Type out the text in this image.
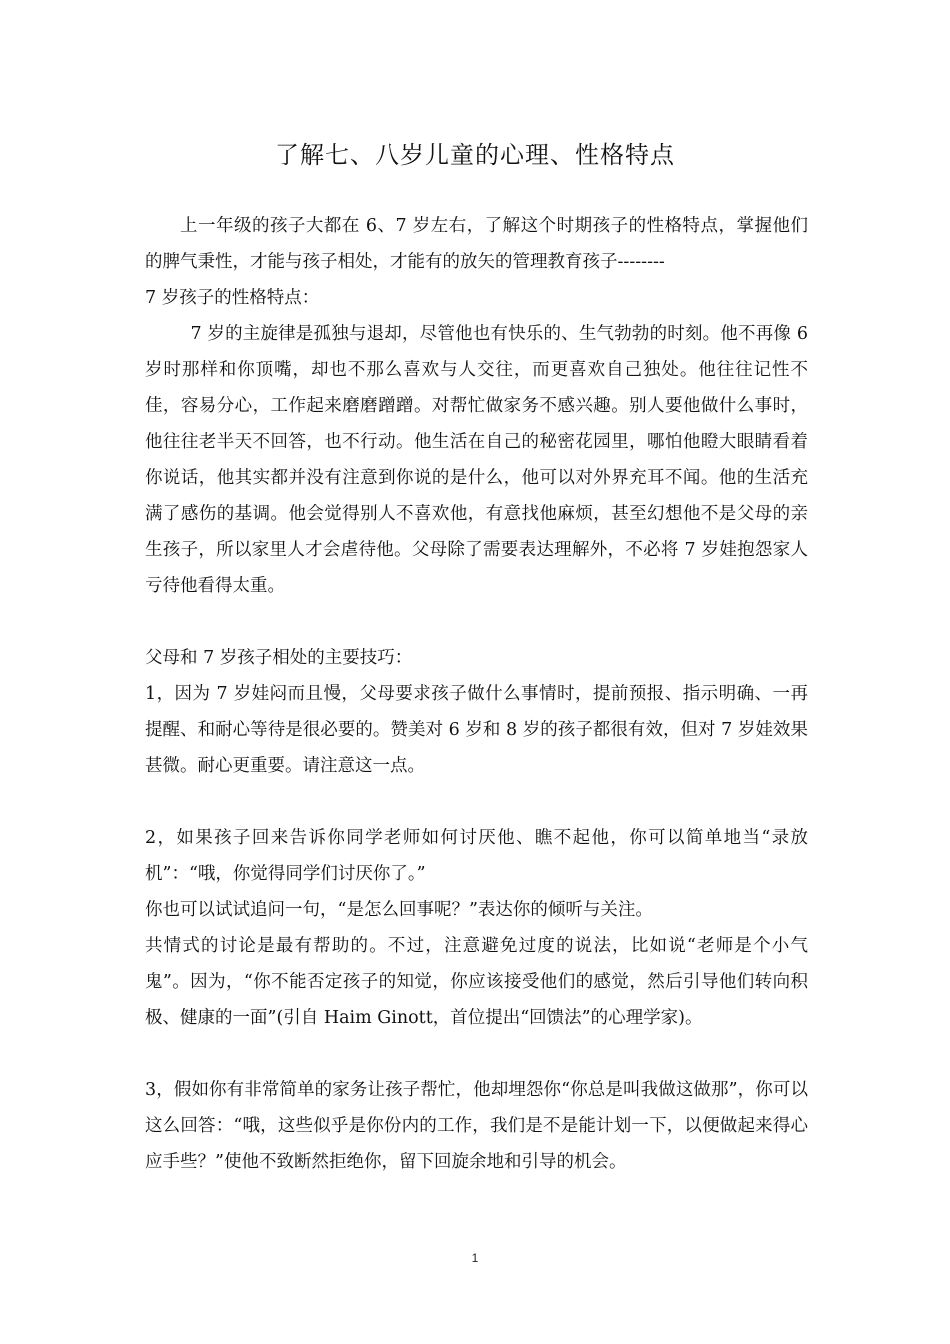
了解七、八岁儿童的心理、性格特点

上一年级的孩子大都在 6、7 岁左右，了解这个时期孩子的性格特点，掌握他们的脾气秉性，才能与孩子相处，才能有的放矢的管理教育孩子--------

7 岁孩子的性格特点：

7 岁的主旋律是孤独与退却，尽管他也有快乐的、生气勃勃的时刻。他不再像 6 岁时那样和你顶嘴，却也不那么喜欢与人交往，而更喜欢自己独处。他往往记性不佳，容易分心，工作起来磨磨蹭蹭。对帮忙做家务不感兴趣。别人要他做什么事时，他往往老半天不回答，也不行动。他生活在自己的秘密花园里，哪怕他瞪大眼睛看着你说话，他其实都并没有注意到你说的是什么，他可以对外界充耳不闻。他的生活充满了感伤的基调。他会觉得别人不喜欢他，有意找他麻烦，甚至幻想他不是父母的亲生孩子，所以家里人才会虐待他。父母除了需要表达理解外，不必将 7 岁娃抱怨家人亏待他看得太重。

父母和 7 岁孩子相处的主要技巧：

1，因为 7 岁娃闷而且慢，父母要求孩子做什么事情时，提前预报、指示明确、一再提醒、和耐心等待是很必要的。赞美对 6 岁和 8 岁的孩子都很有效，但对 7 岁娃效果甚微。耐心更重要。请注意这一点。

2，如果孩子回来告诉你同学老师如何讨厌他、瞧不起他，你可以简单地当“录放机”：“哦，你觉得同学们讨厌你了。”

你也可以试试追问一句，“是怎么回事呢？”表达你的倾听与关注。

共情式的讨论是最有帮助的。不过，注意避免过度的说法，比如说“老师是个小气鬼”。因为，“你不能否定孩子的知觉，你应该接受他们的感觉，然后引导他们转向积极、健康的一面”(引自 Haim Ginott，首位提出“回馈法”的心理学家)。

3，假如你有非常简单的家务让孩子帮忙，他却埋怨你“你总是叫我做这做那”，你可以这么回答：“哦，这些似乎是你份内的工作，我们是不是能计划一下，以便做起来得心应手些？”使他不致断然拒绝你，留下回旋余地和引导的机会。

1
